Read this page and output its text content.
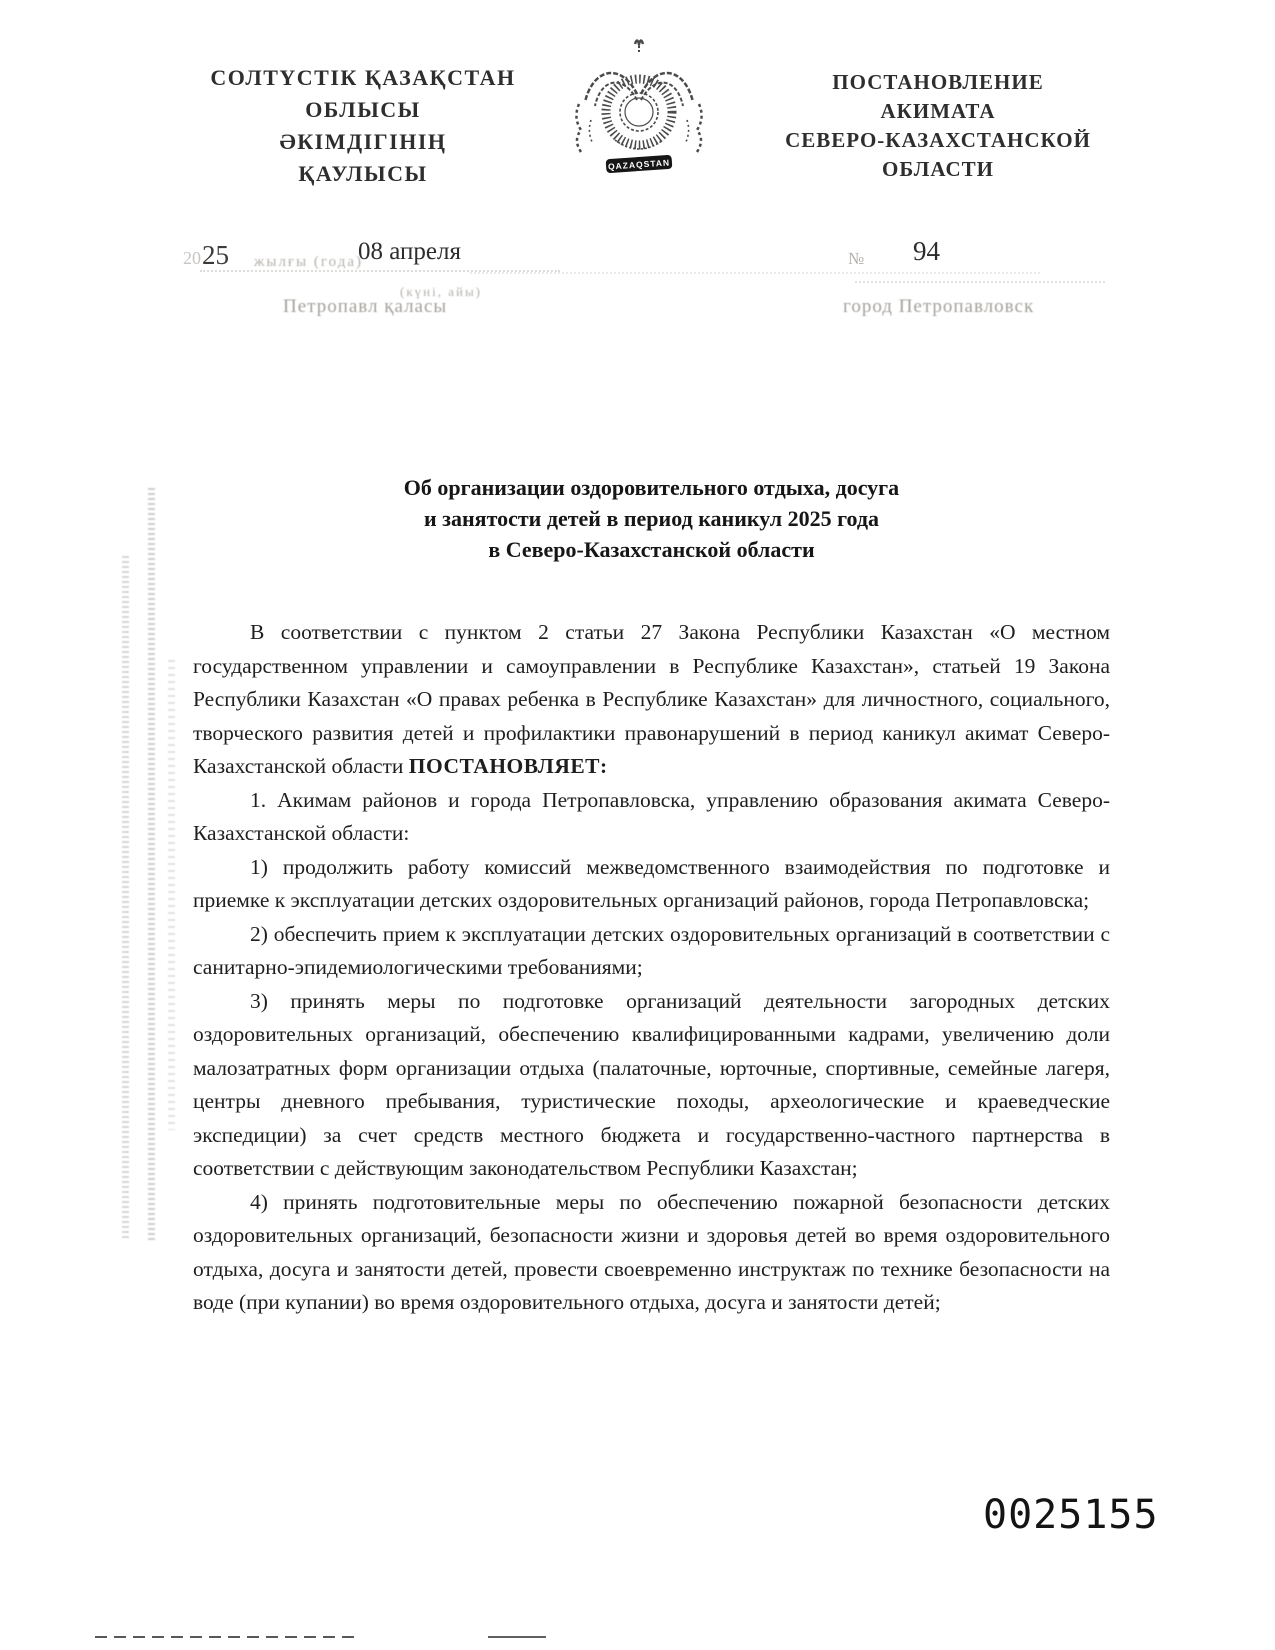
СОЛТҮСТІК ҚАЗАҚСТАН
ОБЛЫСЫ
ӘКІМДІГІНІҢ
ҚАУЛЫСЫ	QAZAQSTAN
ПОСТАНОВЛЕНИЕ
АКИМАТА
СЕВЕРО-КАЗАХСТАНСКОЙ
ОБЛАСТИ
2025 жылғы (года)
08 апреля
(күні, айы)
Петропавл қаласы
№ 94
город Петропавловск
Об организации оздоровительного отдыха, досуга
и занятости детей в период каникул 2025 года
в Северо-Казахстанской области

В соответствии с пунктом 2 статьи 27 Закона Республики Казахстан «О местном государственном управлении и самоуправлении в Республике Казахстан», статьей 19 Закона Республики Казахстан «О правах ребенка в Республике Казахстан» для личностного, социального, творческого развития детей и профилактики правонарушений в период каникул акимат Северо-Казахстанской области ПОСТАНОВЛЯЕТ:

1. Акимам районов и города Петропавловска, управлению образования акимата Северо-Казахстанской области:

1) продолжить работу комиссий межведомственного взаимодействия по подготовке и приемке к эксплуатации детских оздоровительных организаций районов, города Петропавловска;

2) обеспечить прием к эксплуатации детских оздоровительных организаций в соответствии с санитарно-эпидемиологическими требованиями;

3) принять меры по подготовке организаций деятельности загородных детских оздоровительных организаций, обеспечению квалифицированными кадрами, увеличению доли малозатратных форм организации отдыха (палаточные, юрточные, спортивные, семейные лагеря, центры дневного пребывания, туристические походы, археологические и краеведческие экспедиции) за счет средств местного бюджета и государственно-частного партнерства в соответствии с действующим законодательством Республики Казахстан;

4) принять подготовительные меры по обеспечению пожарной безопасности детских оздоровительных организаций, безопасности жизни и здоровья детей во время оздоровительного отдыха, досуга и занятости детей, провести своевременно инструктаж по технике безопасности на воде (при купании) во время оздоровительного отдыха, досуга и занятости детей;

0025155
